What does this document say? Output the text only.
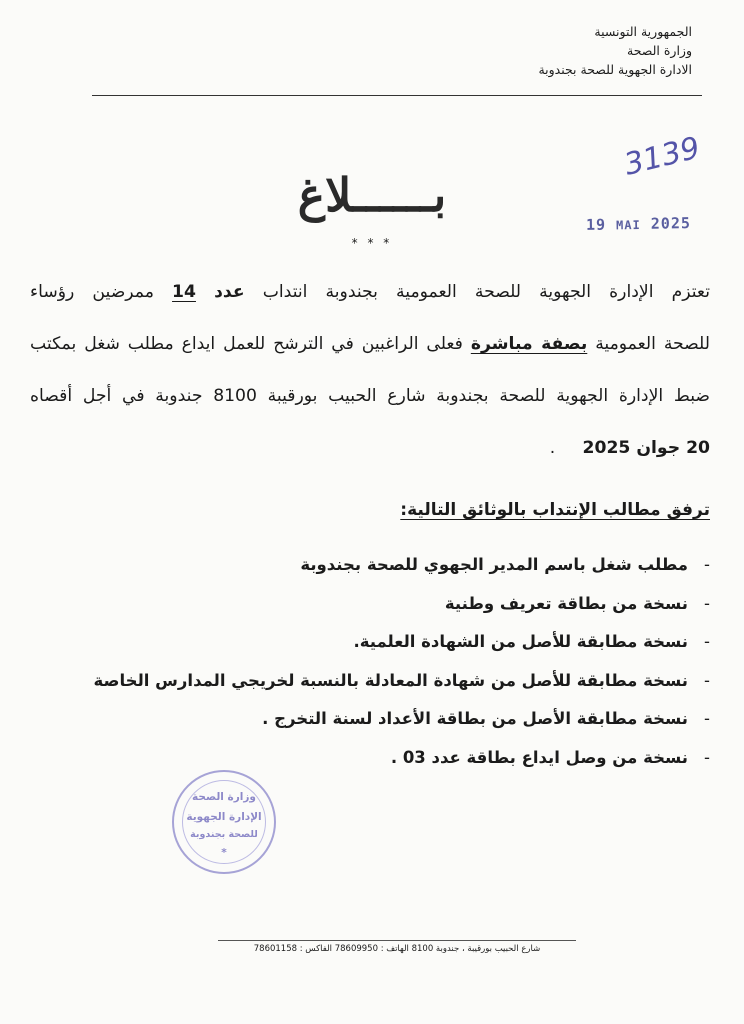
الجمهورية التونسية
وزارة الصحة
الادارة الجهوية للصحة بجندوبة
3139
19 MAI 2025
بــــــلاغ
* * *
تعتزم الإدارة الجهوية للصحة العمومية بجندوبة انتداب عدد 14 ممرضين رؤساء
للصحة العمومية بصفة مباشرة فعلى الراغبين في الترشح للعمل ايداع مطلب شغل بمكتب
ضبط الإدارة الجهوية للصحة بجندوبة شارع الحبيب بورقيبة 8100 جندوبة في أجل أقصاه
20 جوان 2025     .
ترفق مطالب الإنتداب بالوثائق التالية:
-مطلب شغل باسم المدير الجهوي للصحة بجندوبة
-نسخة من بطاقة تعريف وطنية
-نسخة مطابقة للأصل من الشهادة العلمية.
-نسخة مطابقة للأصل من شهادة المعادلة بالنسبة لخريجي المدارس الخاصة
-نسخة مطابقة الأصل من بطاقة الأعداد لسنة التخرج .
-نسخة من وصل ايداع بطاقة عدد 03 .
وزارة الصحة
الإدارة الجهوية
للصحة بجندوبة
*
شارع الحبيب بورقيبة ، جندوبة 8100 الهاتف : 78609950 الفاكس : 78601158
